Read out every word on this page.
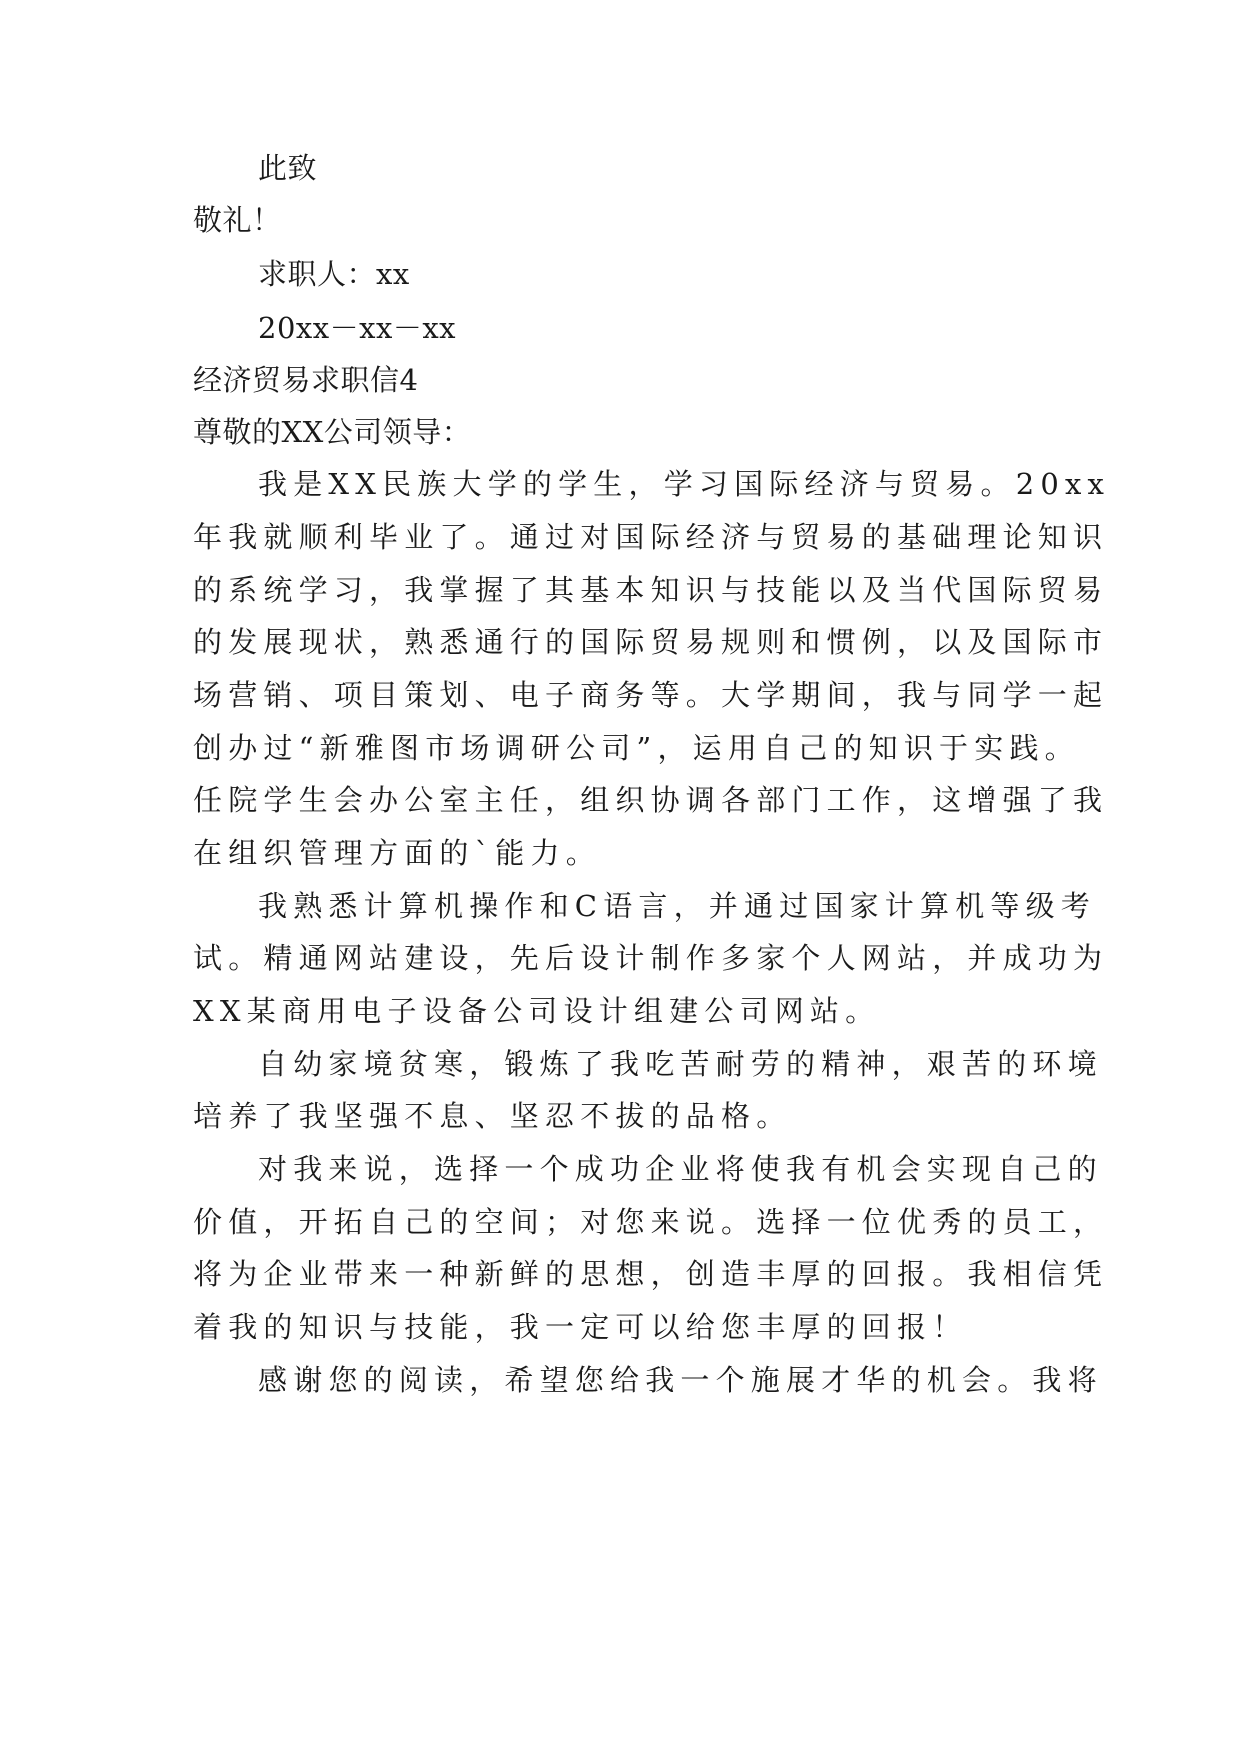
此致
敬礼！
求职人：xx
20xx－xx－xx
经济贸易求职信4
尊敬的XX公司领导：
我是XX民族大学的学生，学习国际经济与贸易。20xx
年我就顺利毕业了。通过对国际经济与贸易的基础理论知识
的系统学习，我掌握了其基本知识与技能以及当代国际贸易
的发展现状，熟悉通行的国际贸易规则和惯例，以及国际市
场营销、项目策划、电子商务等。大学期间，我与同学一起
创办过“新雅图市场调研公司”，运用自己的知识于实践。
任院学生会办公室主任，组织协调各部门工作，这增强了我
在组织管理方面的`能力。
我熟悉计算机操作和C语言，并通过国家计算机等级考
试。精通网站建设，先后设计制作多家个人网站，并成功为
XX某商用电子设备公司设计组建公司网站。
自幼家境贫寒，锻炼了我吃苦耐劳的精神，艰苦的环境
培养了我坚强不息、坚忍不拔的品格。
对我来说，选择一个成功企业将使我有机会实现自己的
价值，开拓自己的空间；对您来说。选择一位优秀的员工，
将为企业带来一种新鲜的思想，创造丰厚的回报。我相信凭
着我的知识与技能，我一定可以给您丰厚的回报！
感谢您的阅读，希望您给我一个施展才华的机会。我将
